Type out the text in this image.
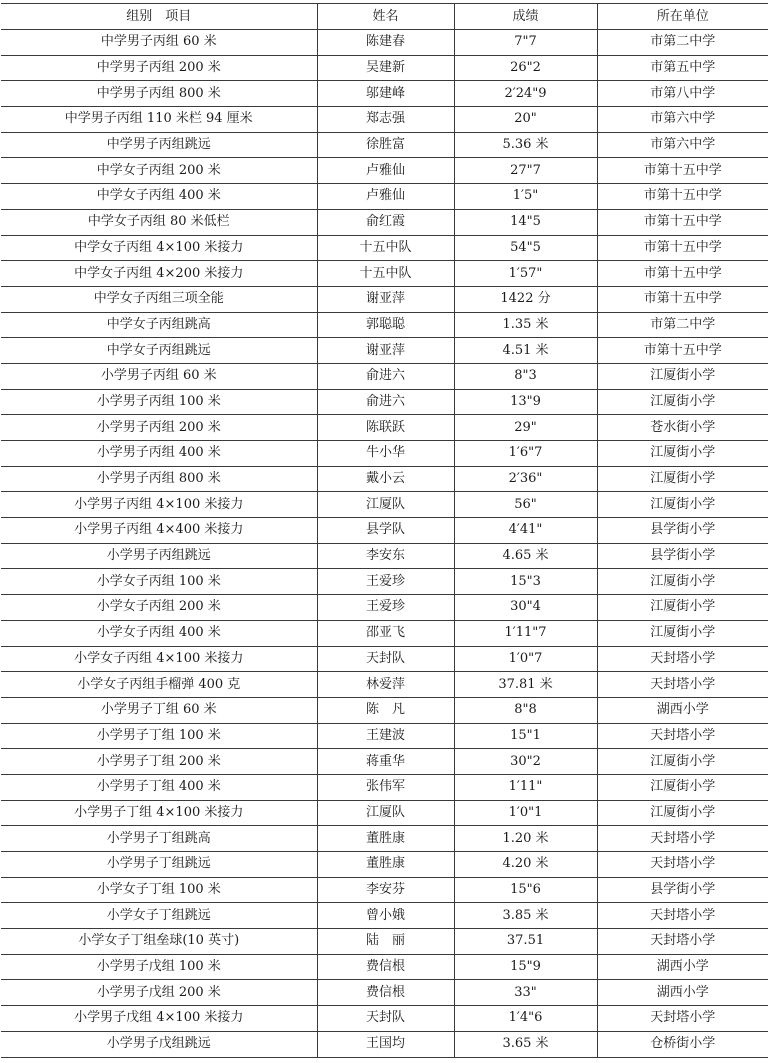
组别　项目	姓名	成绩	所在单位
中学男子丙组 60 米	陈建春	7"7	市第二中学
中学男子丙组 200 米	吴建新	26"2	市第五中学
中学男子丙组 800 米	邬建峰	2′24"9	市第八中学
中学男子丙组 110 米栏 94 厘米	郑志强	20"	市第六中学
中学男子丙组跳远	徐胜富	5.36 米	市第六中学
中学女子丙组 200 米	卢雅仙	27"7	市第十五中学
中学女子丙组 400 米	卢雅仙	1′5"	市第十五中学
中学女子丙组 80 米低栏	俞红霞	14"5	市第十五中学
中学女子丙组 4×100 米接力	十五中队	54"5	市第十五中学
中学女子丙组 4×200 米接力	十五中队	1′57"	市第十五中学
中学女子丙组三项全能	谢亚萍	1422 分	市第十五中学
中学女子丙组跳高	郭聪聪	1.35 米	市第二中学
中学女子丙组跳远	谢亚萍	4.51 米	市第十五中学
小学男子丙组 60 米	俞进六	8"3	江厦街小学
小学男子丙组 100 米	俞进六	13"9	江厦街小学
小学男子丙组 200 米	陈联跃	29"	苍水街小学
小学男子丙组 400 米	牛小华	1′6"7	江厦街小学
小学男子丙组 800 米	戴小云	2′36"	江厦街小学
小学男子丙组 4×100 米接力	江厦队	56"	江厦街小学
小学男子丙组 4×400 米接力	县学队	4′41"	县学街小学
小学男子丙组跳远	李安东	4.65 米	县学街小学
小学女子丙组 100 米	王爱珍	15"3	江厦街小学
小学女子丙组 200 米	王爱珍	30"4	江厦街小学
小学女子丙组 400 米	邵亚飞	1′11"7	江厦街小学
小学女子丙组 4×100 米接力	天封队	1′0"7	天封塔小学
小学女子丙组手榴弹 400 克	林爱萍	37.81 米	天封塔小学
小学男子丁组 60 米	陈　凡	8"8	湖西小学
小学男子丁组 100 米	王建波	15"1	天封塔小学
小学男子丁组 200 米	蒋重华	30"2	江厦街小学
小学男子丁组 400 米	张伟军	1′11"	江厦街小学
小学男子丁组 4×100 米接力	江厦队	1′0"1	江厦街小学
小学男子丁组跳高	董胜康	1.20 米	天封塔小学
小学男子丁组跳远	董胜康	4.20 米	天封塔小学
小学女子丁组 100 米	李安芬	15"6	县学街小学
小学女子丁组跳远	曾小娥	3.85 米	天封塔小学
小学女子丁组垒球(10 英寸)	陆　丽	37.51	天封塔小学
小学男子戊组 100 米	费信根	15"9	湖西小学
小学男子戊组 200 米	费信根	33"	湖西小学
小学男子戊组 4×100 米接力	天封队	1′4"6	天封塔小学
小学男子戊组跳远	王国均	3.65 米	仓桥街小学
